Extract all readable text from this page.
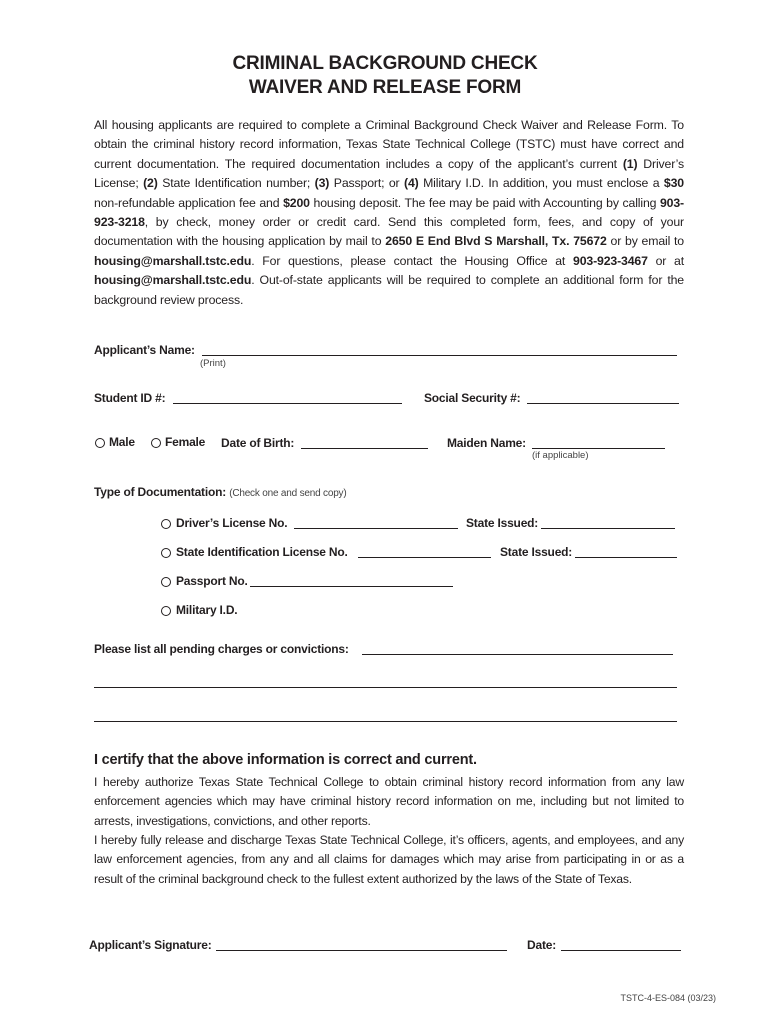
CRIMINAL BACKGROUND CHECK
WAIVER AND RELEASE FORM

All housing applicants are required to complete a Criminal Background Check Waiver and Release Form. To obtain the criminal history record information, Texas State Technical College (TSTC) must have correct and current documentation. The required documentation includes a copy of the applicant’s current (1) Driver’s License; (2) State Identification number; (3) Passport; or (4) Military I.D. In addition, you must enclose a $30 non-refundable application fee and $200 housing deposit. The fee may be paid with Accounting by calling 903-923-3218, by check, money order or credit card. Send this completed form, fees, and copy of your documentation with the housing application by mail to 2650 E End Blvd S Marshall, Tx. 75672 or by email to housing@marshall.tstc.edu. For questions, please contact the Housing Office at 903-923-3467 or at housing@marshall.tstc.edu. Out-of-state applicants will be required to complete an additional form for the background review process.

Applicant’s Name:
(Print)
Student ID #:	Social Security #:
Male	Female Date of Birth:	Maiden Name:
(if applicable)
Type of Documentation: (Check one and send copy)
Driver’s License No.	State Issued:
State Identification License No.	State Issued:
Passport No.
Military I.D.
Please list all pending charges or convictions:
I certify that the above information is correct and current.

I hereby authorize Texas State Technical College to obtain criminal history record information from any law enforcement agencies which may have criminal history record information on me, including but not limited to arrests, investigations, convictions, and other reports.

I hereby fully release and discharge Texas State Technical College, it’s officers, agents, and employees, and any law enforcement agencies, from any and all claims for damages which may arise from participating in or as a result of the criminal background check to the fullest extent authorized by the laws of the State of Texas.

Applicant’s Signature:	Date:
TSTC-4-ES-084 (03/23)
